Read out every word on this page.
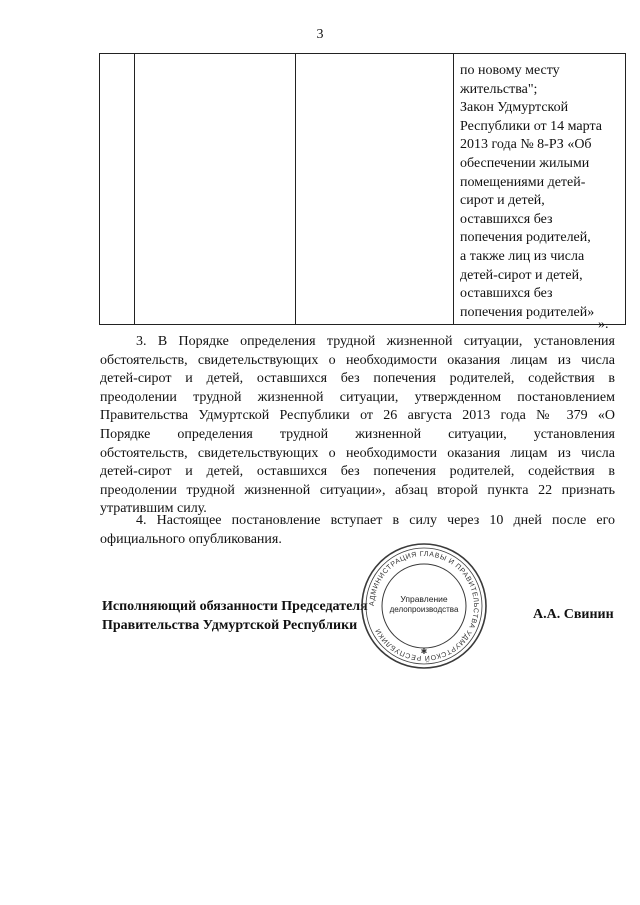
3

по новому месту
жительства";
Закон Удмуртской
Республики от 14 марта
2013 года № 8-РЗ «Об
обеспечении жилыми
помещениями детей-
сирот и детей,
оставшихся без
попечения родителей,
а также лиц из числа
детей-сирот и детей,
оставшихся без
попечения родителей»
».
3. В Порядке определения трудной жизненной ситуации, установления
обстоятельств, свидетельствующих о необходимости оказания лицам из числа
детей-сирот и детей, оставшихся без попечения родителей, содействия в
преодолении трудной жизненной ситуации, утвержденном постановлением
Правительства Удмуртской Республики от 26 августа 2013 года № 379 «О
Порядке определения трудной жизненной ситуации, установления
обстоятельств, свидетельствующих о необходимости оказания лицам из числа
детей-сирот и детей, оставшихся без попечения родителей, содействия в
преодолении трудной жизненной ситуации», абзац второй пункта 22 признать
утратившим силу.
4. Настоящее постановление вступает в силу через 10 дней после его
официального опубликования.
Исполняющий обязанности Председателя
Правительства Удмуртской Республики
А.А. Свинин
АДМИНИСТРАЦИЯ ГЛАВЫ И ПРАВИТЕЛЬСТВА УДМУРТСКОЙ РЕСПУБЛИКИ
✱
Управление
делопроизводства
